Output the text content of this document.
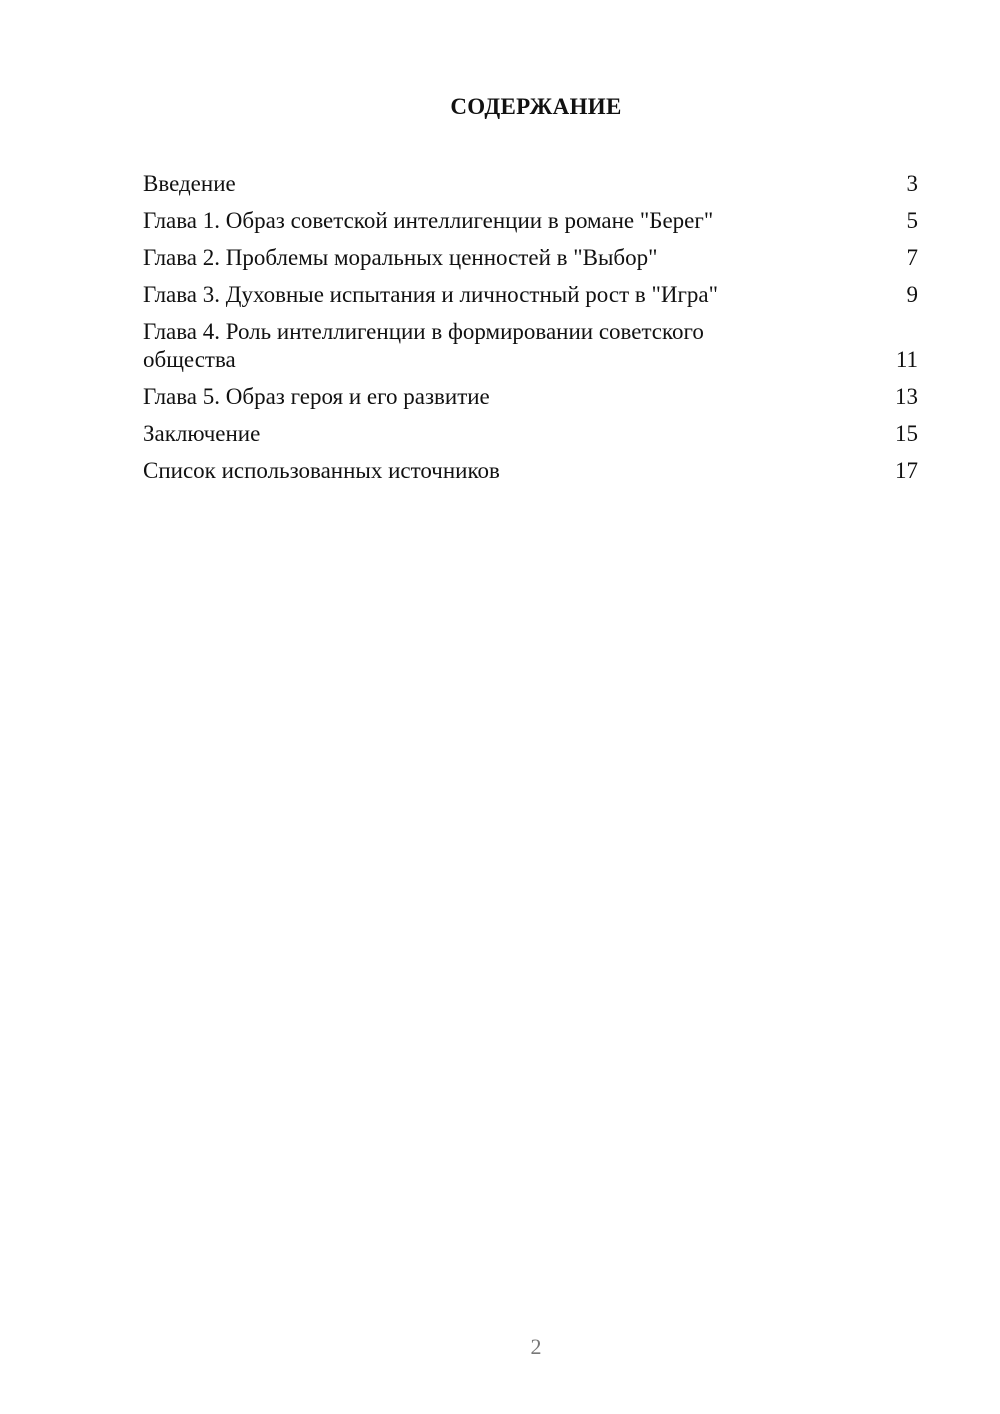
СОДЕРЖАНИЕ
Введение	3
Глава 1. Образ советской интеллигенции в романе "Берег"	5
Глава 2. Проблемы моральных ценностей в "Выбор"	7
Глава 3. Духовные испытания и личностный рост в "Игра"	9
Глава 4. Роль интеллигенции в формировании советского общества	11
Глава 5. Образ героя и его развитие	13
Заключение	15
Список использованных источников	17
2
